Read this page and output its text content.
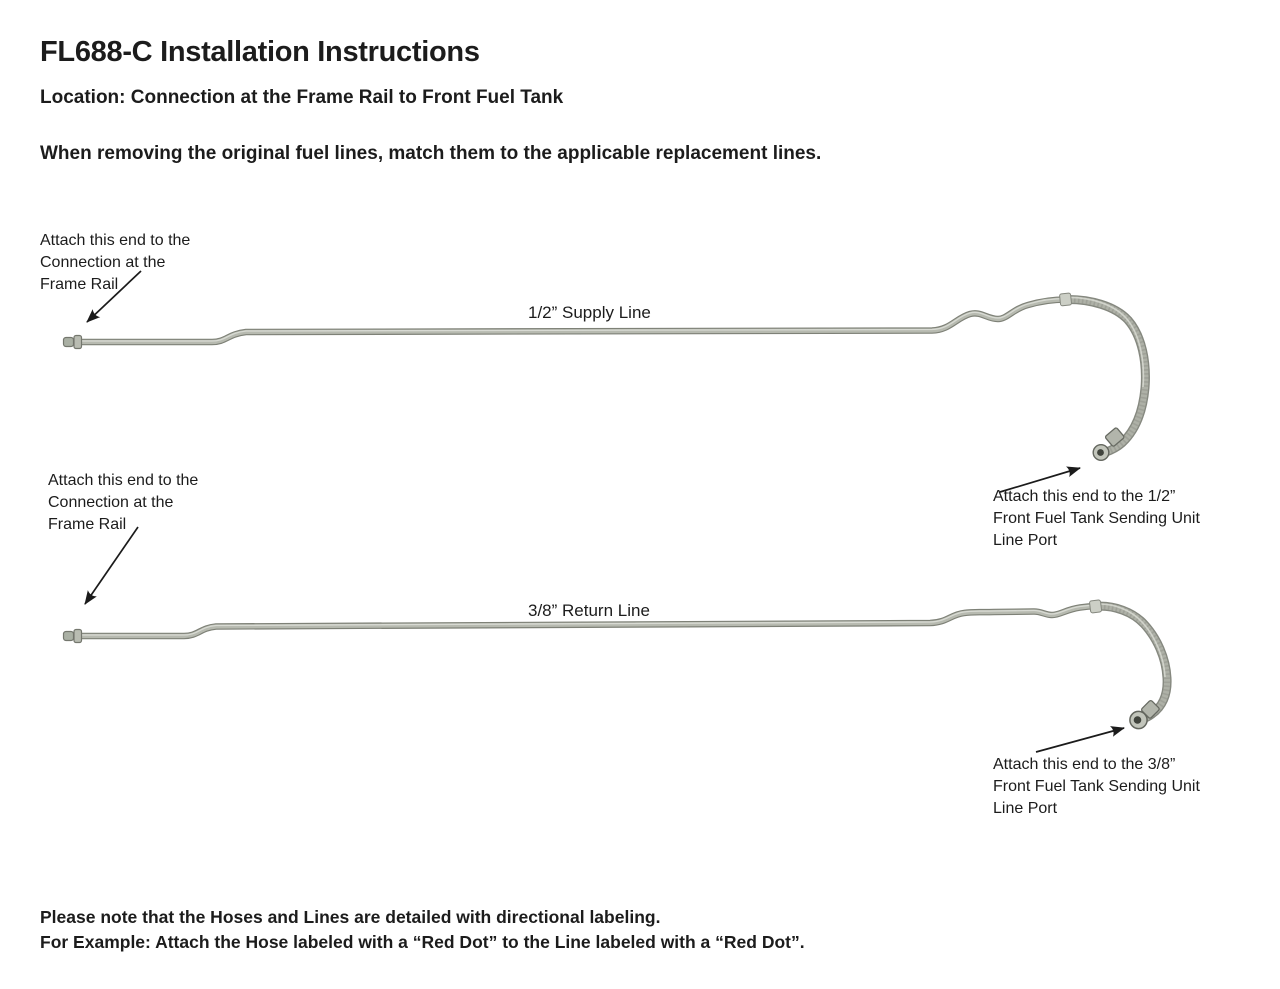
FL688-C Installation Instructions
Location: Connection at the Frame Rail to Front Fuel Tank
When removing the original fuel lines, match them to the applicable replacement lines.
1/2” Supply Line
Attach this end to the
Connection at the
Frame Rail
Attach this end to the 1/2”
Front Fuel Tank Sending Unit
Line Port
3/8” Return Line
Attach this end to the
Connection at the
Frame Rail
Attach this end to the 3/8”
Front Fuel Tank Sending Unit
Line Port
Please note that the Hoses and Lines are detailed with directional labeling.
For Example: Attach the Hose labeled with a “Red Dot” to the Line labeled with a “Red Dot”.
